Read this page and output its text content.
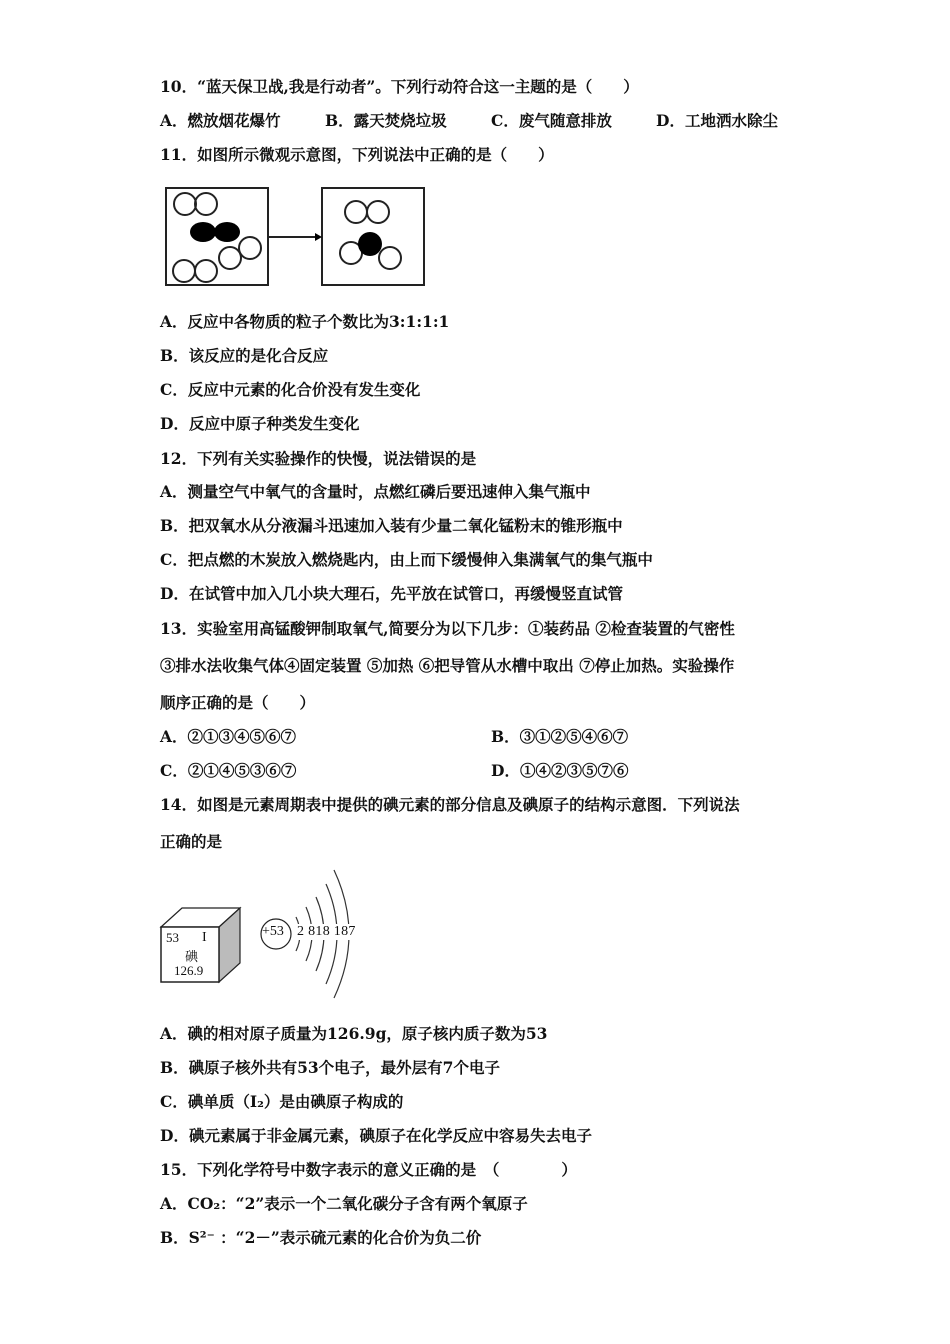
10．“蓝天保卫战,我是行动者”。下列行动符合这一主题的是（　　）
A．燃放烟花爆竹	B．露天焚烧垃圾	C．废气随意排放	D．工地洒水除尘
11．如图所示微观示意图，下列说法中正确的是（　　）
A．反应中各物质的粒子个数比为3:1:1:1
B．该反应的是化合反应
C．反应中元素的化合价没有发生变化
D．反应中原子种类发生变化
12．下列有关实验操作的快慢，说法错误的是
A．测量空气中氧气的含量时，点燃红磷后要迅速伸入集气瓶中
B．把双氧水从分液漏斗迅速加入装有少量二氧化锰粉末的锥形瓶中
C．把点燃的木炭放入燃烧匙内，由上而下缓慢伸入集满氧气的集气瓶中
D．在试管中加入几小块大理石，先平放在试管口，再缓慢竖直试管
13．实验室用高锰酸钾制取氧气,简要分为以下几步：①装药品 ②检查装置的气密性
③排水法收集气体④固定装置 ⑤加热 ⑥把导管从水槽中取出 ⑦停止加热。实验操作
顺序正确的是（　　）
A．②①③④⑤⑥⑦	B．③①②⑤④⑥⑦
C．②①④⑤③⑥⑦	D．①④②③⑤⑦⑥
14．如图是元素周期表中提供的碘元素的部分信息及碘原子的结构示意图．下列说法
正确的是
53 I
碘
126.9
+53 2 818 187
A．碘的相对原子质量为126.9g，原子核内质子数为53
B．碘原子核外共有53个电子，最外层有7个电子
C．碘单质（I₂）是由碘原子构成的
D．碘元素属于非金属元素，碘原子在化学反应中容易失去电子
15．下列化学符号中数字表示的意义正确的是　（　　　　）
A．CO₂：“2”表示一个二氧化碳分子含有两个氧原子
B．S²⁻ ：“2－”表示硫元素的化合价为负二价
